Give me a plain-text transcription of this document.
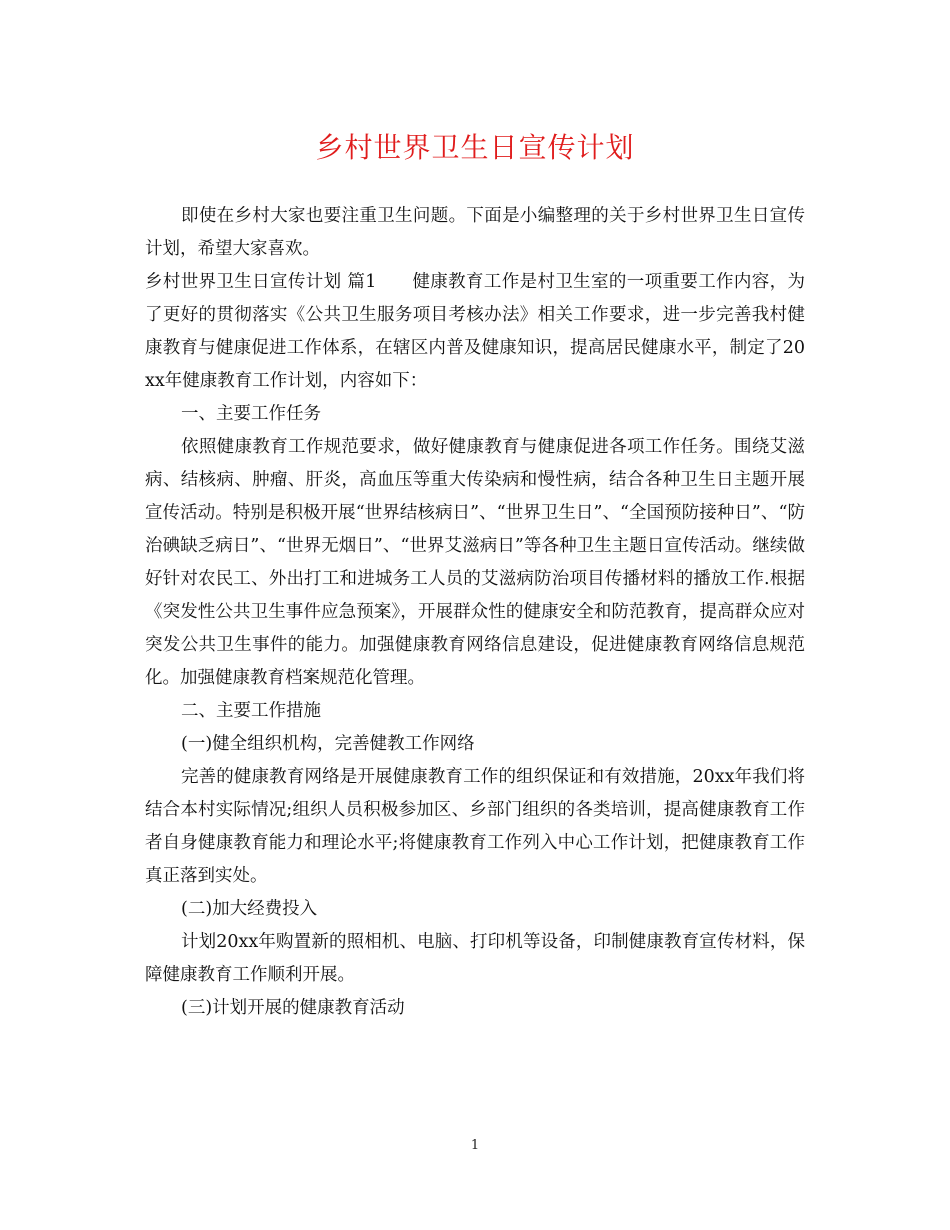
乡村世界卫生日宣传计划

即使在乡村大家也要注重卫生问题。下面是小编整理的关于乡村世界卫生日宣传计划，希望大家喜欢。

乡村世界卫生日宣传计划 篇1　　健康教育工作是村卫生室的一项重要工作内容，为了更好的贯彻落实《公共卫生服务项目考核办法》相关工作要求，进一步完善我村健康教育与健康促进工作体系，在辖区内普及健康知识，提高居民健康水平，制定了20xx年健康教育工作计划，内容如下：

一、主要工作任务

依照健康教育工作规范要求，做好健康教育与健康促进各项工作任务。围绕艾滋病、结核病、肿瘤、肝炎，高血压等重大传染病和慢性病，结合各种卫生日主题开展宣传活动。特别是积极开展“世界结核病日”、“世界卫生日”、“全国预防接种日”、“防治碘缺乏病日”、“世界无烟日”、“世界艾滋病日”等各种卫生主题日宣传活动。继续做好针对农民工、外出打工和进城务工人员的艾滋病防治项目传播材料的播放工作.根据《突发性公共卫生事件应急预案》，开展群众性的健康安全和防范教育，提高群众应对突发公共卫生事件的能力。加强健康教育网络信息建设，促进健康教育网络信息规范化。加强健康教育档案规范化管理。

二、主要工作措施

(一)健全组织机构，完善健教工作网络

完善的健康教育网络是开展健康教育工作的组织保证和有效措施，20xx年我们将结合本村实际情况;组织人员积极参加区、乡部门组织的各类培训，提高健康教育工作者自身健康教育能力和理论水平;将健康教育工作列入中心工作计划，把健康教育工作真正落到实处。

(二)加大经费投入

计划20xx年购置新的照相机、电脑、打印机等设备，印制健康教育宣传材料，保障健康教育工作顺利开展。

(三)计划开展的健康教育活动

1
